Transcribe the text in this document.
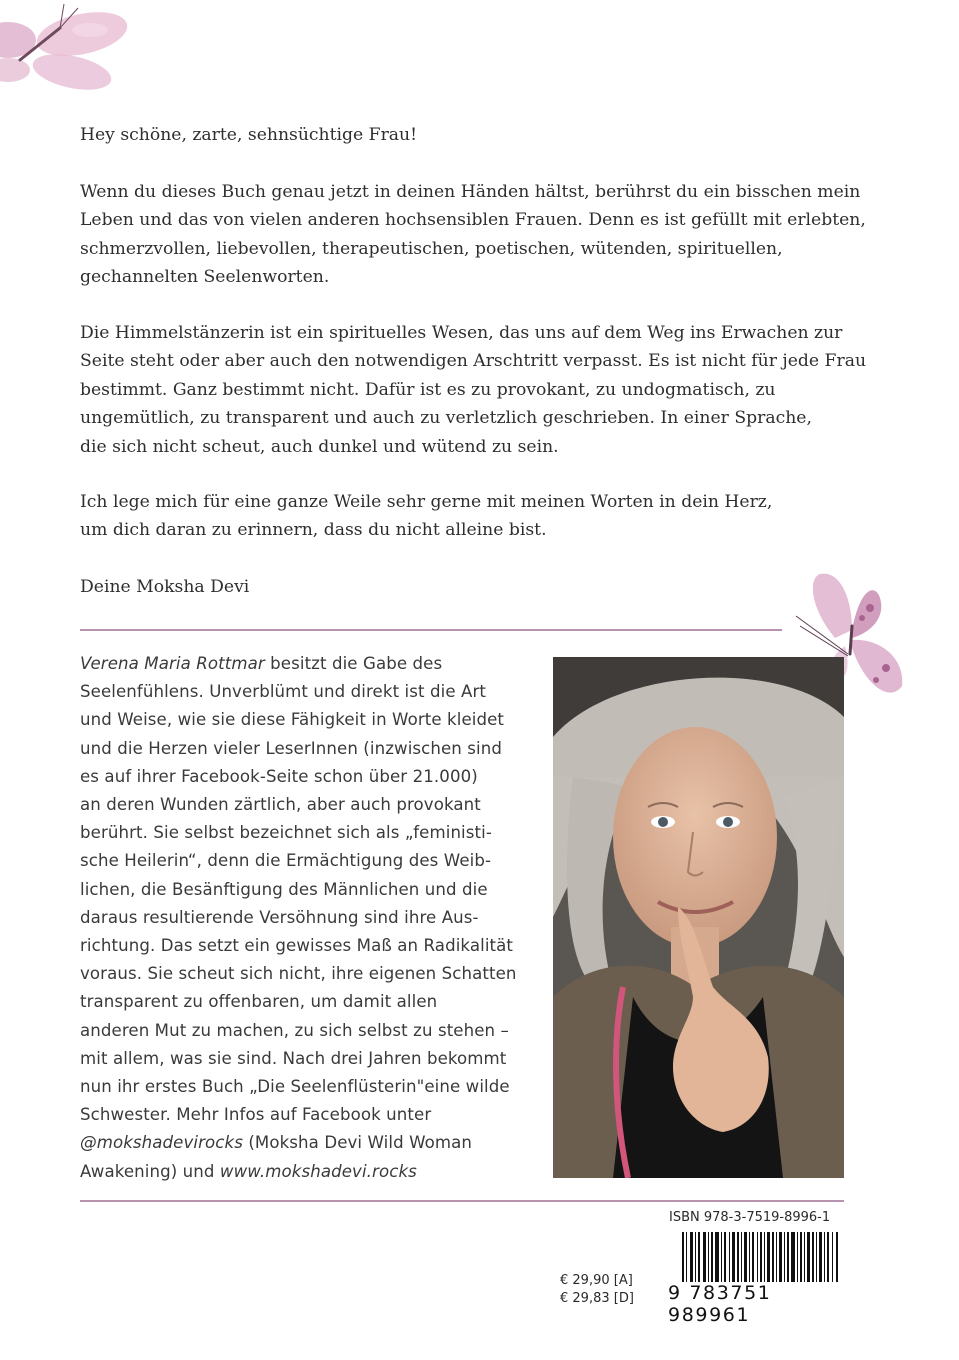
Hey schöne, zarte, sehnsüchtige Frau!

Wenn du dieses Buch genau jetzt in deinen Händen hältst, berührst du ein bisschen mein
Leben und das von vielen anderen hochsensiblen Frauen. Denn es ist gefüllt mit erlebten,
schmerzvollen, liebevollen, therapeutischen, poetischen, wütenden, spirituellen,
gechannelten Seelenworten.
Die Himmelstänzerin ist ein spirituelles Wesen, das uns auf dem Weg ins Erwachen zur
Seite steht oder aber auch den notwendigen Arschtritt verpasst. Es ist nicht für jede Frau
bestimmt. Ganz bestimmt nicht. Dafür ist es zu provokant, zu undogmatisch, zu
ungemütlich, zu transparent und auch zu verletzlich geschrieben. In einer Sprache,
die sich nicht scheut, auch dunkel und wütend zu sein.
Ich lege mich für eine ganze Weile sehr gerne mit meinen Worten in dein Herz,
um dich daran zu erinnern, dass du nicht alleine bist.

Deine Moksha Devi

Verena Maria Rottmar besitzt die Gabe des
Seelenfühlens. Unverblümt und direkt ist die Art
und Weise, wie sie diese Fähigkeit in Worte kleidet
und die Herzen vieler LeserInnen (inzwischen sind
es auf ihrer Facebook-Seite schon über 21.000)
an deren Wunden zärtlich, aber auch provokant
berührt. Sie selbst bezeichnet sich als „feministi-
sche Heilerin“, denn die Ermächtigung des Weib-
lichen, die Besänftigung des Männlichen und die
daraus resultierende Versöhnung sind ihre Aus-
richtung. Das setzt ein gewisses Maß an Radikalität
voraus. Sie scheut sich nicht, ihre eigenen Schatten
transparent zu offenbaren, um damit allen
anderen Mut zu machen, zu sich selbst zu stehen –
mit allem, was sie sind. Nach drei Jahren bekommt
nun ihr erstes Buch „Die Seelenflüsterin"eine wilde
Schwester. Mehr Infos auf Facebook unter
@mokshadevirocks (Moksha Devi Wild Woman
Awakening) und www.mokshadevi.rocks
ISBN 978-3-7519-8996-1
€ 29,90 [A]
€ 29,83 [D] 9 783751 989961
